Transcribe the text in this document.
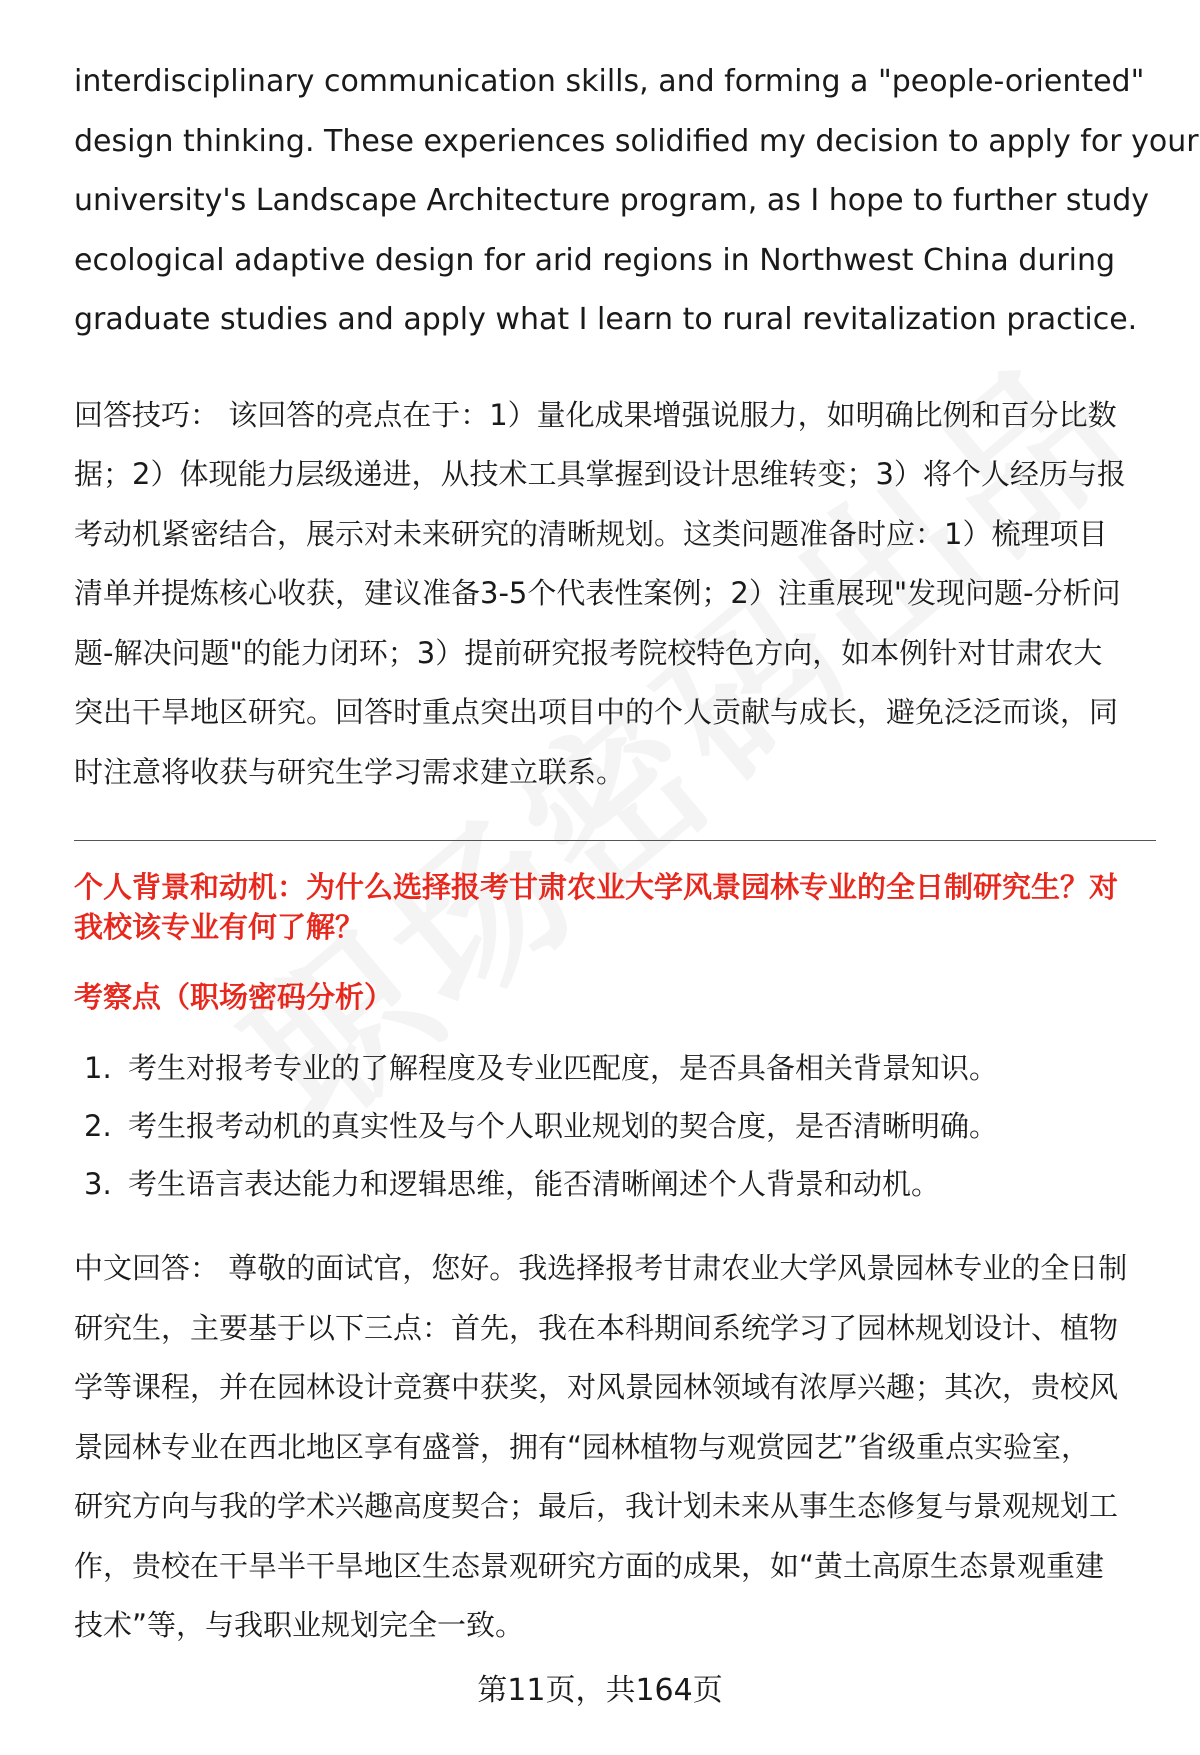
interdisciplinary communication skills, and forming a "people-oriented"
design thinking. These experiences solidified my decision to apply for your
university's Landscape Architecture program, as I hope to further study
ecological adaptive design for arid regions in Northwest China during
graduate studies and apply what I learn to rural revitalization practice.

回答技巧： 该回答的亮点在于：1）量化成果增强说服力，如明确比例和百分比数
据；2）体现能力层级递进，从技术工具掌握到设计思维转变；3）将个人经历与报
考动机紧密结合，展示对未来研究的清晰规划。这类问题准备时应：1）梳理项目
清单并提炼核心收获，建议准备3-5个代表性案例；2）注重展现"发现问题-分析问
题-解决问题"的能力闭环；3）提前研究报考院校特色方向，如本例针对甘肃农大
突出干旱地区研究。回答时重点突出项目中的个人贡献与成长，避免泛泛而谈，同
时注意将收获与研究生学习需求建立联系。

个人背景和动机：为什么选择报考甘肃农业大学风景园林专业的全日制研究生？对
我校该专业有何了解？
考察点（职场密码分析）
1. 考生对报考专业的了解程度及专业匹配度，是否具备相关背景知识。
2. 考生报考动机的真实性及与个人职业规划的契合度，是否清晰明确。
3. 考生语言表达能力和逻辑思维，能否清晰阐述个人背景和动机。

中文回答： 尊敬的面试官，您好。我选择报考甘肃农业大学风景园林专业的全日制
研究生，主要基于以下三点：首先，我在本科期间系统学习了园林规划设计、植物
学等课程，并在园林设计竞赛中获奖，对风景园林领域有浓厚兴趣；其次，贵校风
景园林专业在西北地区享有盛誉，拥有“园林植物与观赏园艺”省级重点实验室，
研究方向与我的学术兴趣高度契合；最后，我计划未来从事生态修复与景观规划工
作，贵校在干旱半干旱地区生态景观研究方面的成果，如“黄土高原生态景观重建
技术”等，与我职业规划完全一致。

第11页，共164页
